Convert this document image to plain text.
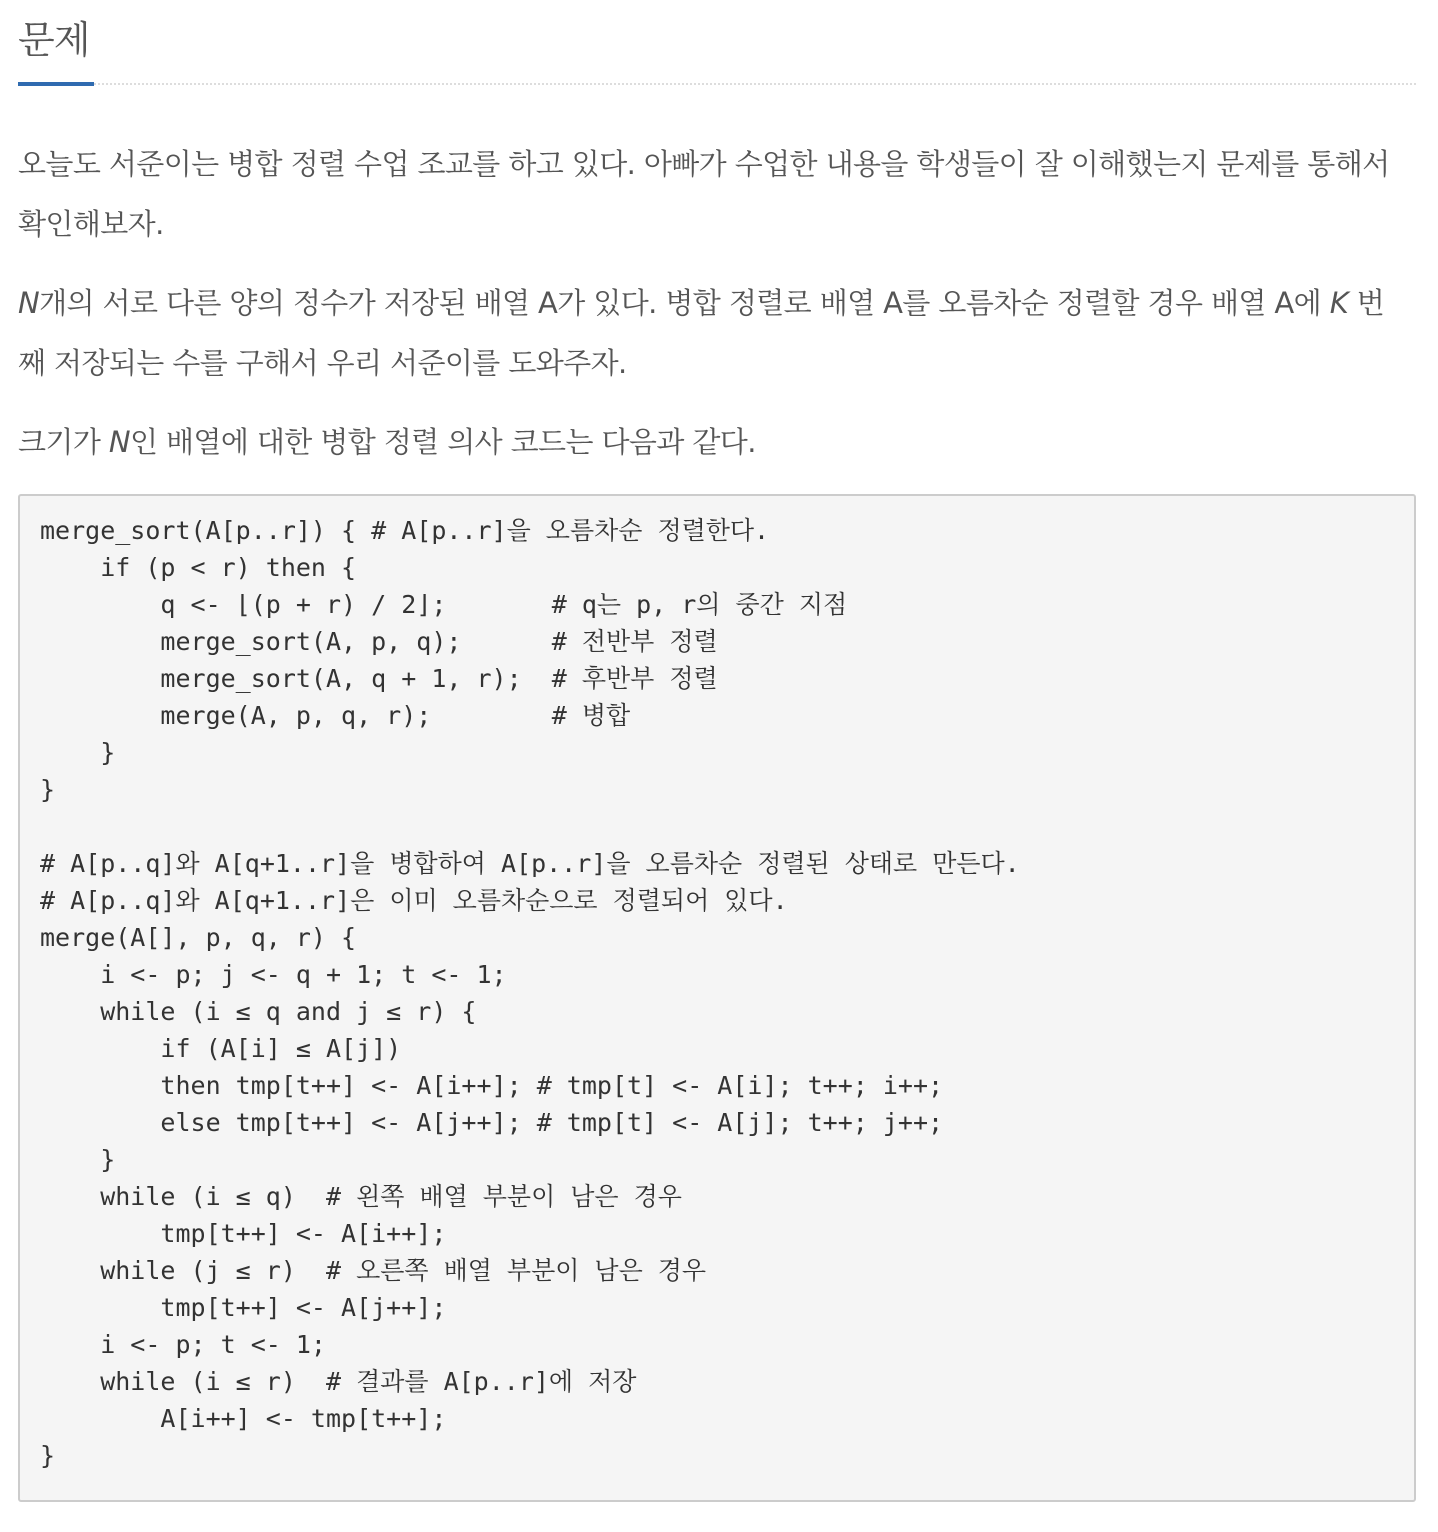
문제

오늘도 서준이는 병합 정렬 수업 조교를 하고 있다. 아빠가 수업한 내용을 학생들이 잘 이해했는지 문제를 통해서 확인해보자.

N개의 서로 다른 양의 정수가 저장된 배열 A가 있다. 병합 정렬로 배열 A를 오름차순 정렬할 경우 배열 A에 K 번째 저장되는 수를 구해서 우리 서준이를 도와주자.

크기가 N인 배열에 대한 병합 정렬 의사 코드는 다음과 같다.

merge_sort(A[p..r]) { # A[p..r]을 오름차순 정렬한다.
if (p < r) then {
q <- ⌊(p + r) / 2⌋;       # q는 p, r의 중간 지점
merge_sort(A, p, q);      # 전반부 정렬
merge_sort(A, q + 1, r);  # 후반부 정렬
merge(A, p, q, r);        # 병합
}
}

# A[p..q]와 A[q+1..r]을 병합하여 A[p..r]을 오름차순 정렬된 상태로 만든다.
# A[p..q]와 A[q+1..r]은 이미 오름차순으로 정렬되어 있다.
merge(A[], p, q, r) {
i <- p; j <- q + 1; t <- 1;
while (i ≤ q and j ≤ r) {
if (A[i] ≤ A[j])
then tmp[t++] <- A[i++]; # tmp[t] <- A[i]; t++; i++;
else tmp[t++] <- A[j++]; # tmp[t] <- A[j]; t++; j++;
}
while (i ≤ q)  # 왼쪽 배열 부분이 남은 경우
tmp[t++] <- A[i++];
while (j ≤ r)  # 오른쪽 배열 부분이 남은 경우
tmp[t++] <- A[j++];
i <- p; t <- 1;
while (i ≤ r)  # 결과를 A[p..r]에 저장
A[i++] <- tmp[t++];
}
